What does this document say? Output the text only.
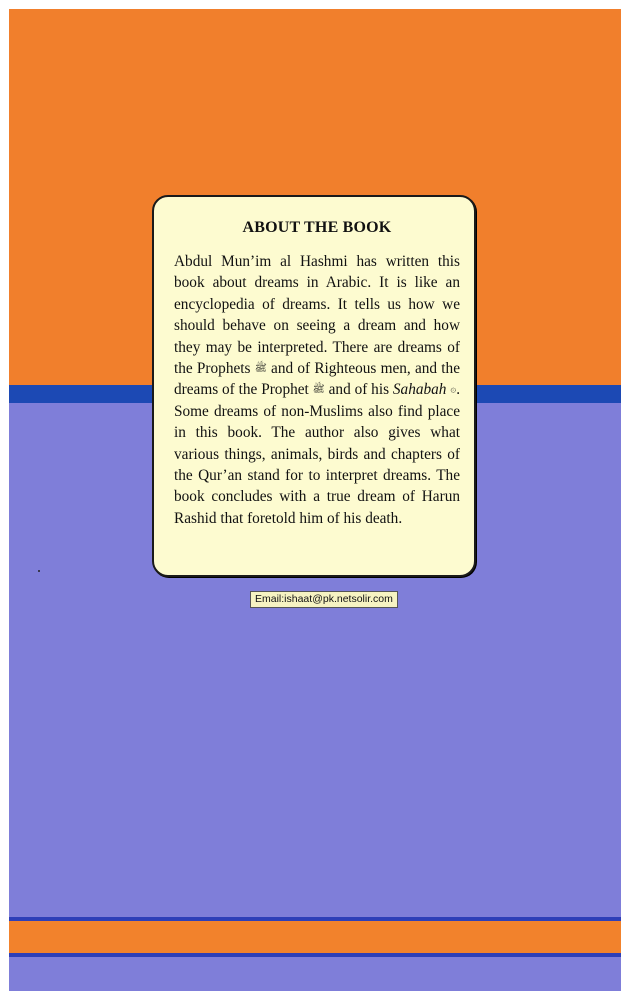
ABOUT THE BOOK

Abdul Mun’im al Hashmi has written this book about dreams in Arabic. It is like an encyclopedia of dreams. It tells us how we should behave on seeing a dream and how they may be interpreted. There are dreams of the Prophets ﷺ and of Righteous men, and the dreams of the Prophet ﷺ and of his Sahabah ۞. Some dreams of non-Muslims also find place in this book. The author also gives what various things, animals, birds and chapters of the Qur’an stand for to interpret dreams. The book concludes with a true dream of Harun Rashid that foretold him of his death.

Email:ishaat@pk.netsolir.com
